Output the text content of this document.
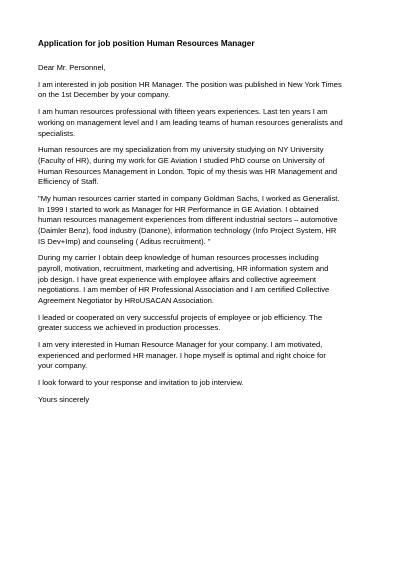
Application for job position Human Resources Manager
Dear Mr. Personnel,
I am interested in job position HR Manager. The position was published in New York Times
on the 1st December by your company.
I am human resources professional with fifteen years experiences. Last ten years I am
working on management level and I am leading teams of human resources generalists and
specialists.
Human resources are my specialization from my university studying on NY University
(Faculty of HR), during my work for GE Aviation I studied PhD course on University of
Human Resources Management in London. Topic of my thesis was HR Management and
Efficiency of Staff.
"My human resources carrier started in company Goldman Sachs, I worked as Generalist.
In 1999 I started to work as Manager for HR Performance in GE Aviation. I obtained
human resources management experiences from different industrial sectors – automotive
(Daimler Benz), food industry (Danone), information technology (Info Project System, HR
IS Dev+Imp) and counseling ( Aditus recruitment). "
During my carrier I obtain deep knowledge of human resources processes including
payroll, motivation, recruitment, marketing and advertising, HR information system and
job design. I have great experience with employee affairs and collective agreement
negotiations. I am member of HR Professional Association and I am certified Collective
Agreement Negotiator by HRoUSACAN Association.
I leaded or cooperated on very successful projects of employee or job efficiency. The
greater success we achieved in production processes.
I am very interested in Human Resource Manager for your company. I am motivated,
experienced and performed HR manager. I hope myself is optimal and right choice for
your company.
I look forward to your response and invitation to job interview.
Yours sincerely
